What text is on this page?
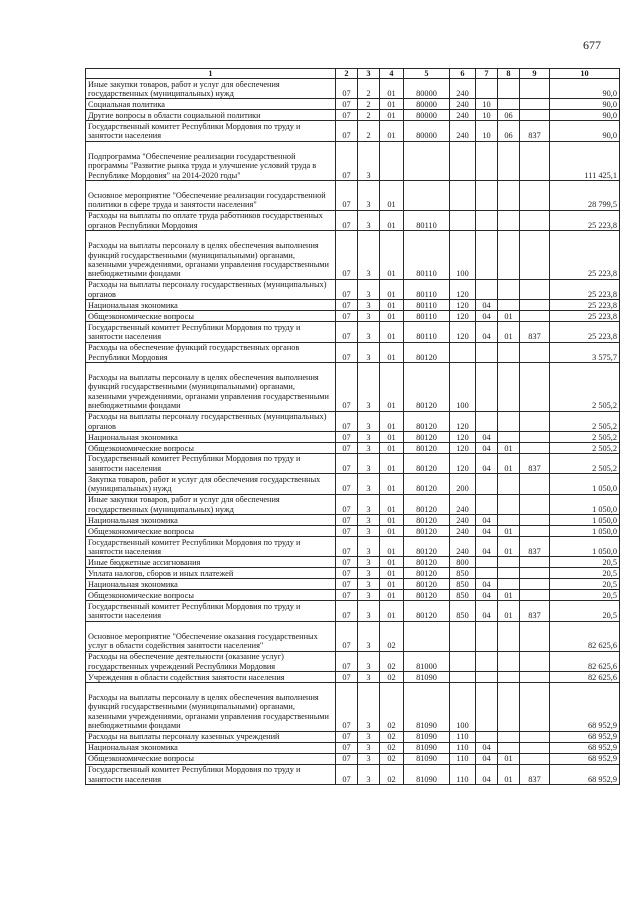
677
1	2	3	4	5	6	7	8	9	10
Иные закупки товаров, работ и услуг для обеспечения государственных (муниципальных) нужд	07	2	01	80000	240				90,0
Социальная политика	07	2	01	80000	240	10			90,0
Другие вопросы в области социальной политики	07	2	01	80000	240	10	06		90,0
Государственный комитет Республики Мордовия по труду и занятости населения	07	2	01	80000	240	10	06	837	90,0
Подпрограмма "Обеспечение реализации государственной программы "Развитие рынка труда и улучшение условий труда в Республике Мордовия" на 2014-2020 годы"	07	3							111 425,1
Основное мероприятие "Обеспечение реализации государственной политики в сфере труда и занятости населения"	07	3	01						28 799,5
Расходы на выплаты по оплате труда работников государственных органов Республики Мордовия	07	3	01	80110					25 223,8
Расходы на выплаты персоналу в целях обеспечения выполнения функций государственными (муниципальными) органами, казенными учреждениями, органами управления государственными внебюджетными фондами	07	3	01	80110	100				25 223,8
Расходы на выплаты персоналу государственных (муниципальных) органов	07	3	01	80110	120				25 223,8
Национальная экономика	07	3	01	80110	120	04			25 223,8
Общеэкономические вопросы	07	3	01	80110	120	04	01		25 223,8
Государственный комитет Республики Мордовия по труду и занятости населения	07	3	01	80110	120	04	01	837	25 223,8
Расходы на обеспечение функций государственных органов Республики Мордовия	07	3	01	80120					3 575,7
Расходы на выплаты персоналу в целях обеспечения выполнения функций государственными (муниципальными) органами, казенными учреждениями, органами управления государственными внебюджетными фондами	07	3	01	80120	100				2 505,2
Расходы на выплаты персоналу государственных (муниципальных) органов	07	3	01	80120	120				2 505,2
Национальная экономика	07	3	01	80120	120	04			2 505,2
Общеэкономические вопросы	07	3	01	80120	120	04	01		2 505,2
Государственный комитет Республики Мордовия по труду и занятости населения	07	3	01	80120	120	04	01	837	2 505,2
Закупка товаров, работ и услуг для обеспечения государственных (муниципальных) нужд	07	3	01	80120	200				1 050,0
Иные закупки товаров, работ и услуг для обеспечения государственных (муниципальных) нужд	07	3	01	80120	240				1 050,0
Национальная экономика	07	3	01	80120	240	04			1 050,0
Общеэкономические вопросы	07	3	01	80120	240	04	01		1 050,0
Государственный комитет Республики Мордовия по труду и занятости населения	07	3	01	80120	240	04	01	837	1 050,0
Иные бюджетные ассигнования	07	3	01	80120	800				20,5
Уплата налогов, сборов и иных платежей	07	3	01	80120	850				20,5
Национальная экономика	07	3	01	80120	850	04			20,5
Общеэкономические вопросы	07	3	01	80120	850	04	01		20,5
Государственный комитет Республики Мордовия по труду и занятости населения	07	3	01	80120	850	04	01	837	20,5
Основное мероприятие "Обеспечение оказания государственных услуг в области содействия занятости населения"	07	3	02						82 625,6
Расходы на обеспечение деятельности (оказание услуг) государственных учреждений Республики Мордовия	07	3	02	81000					82 625,6
Учреждения в области содействия занятости населения	07	3	02	81090					82 625,6
Расходы на выплаты персоналу в целях обеспечения выполнения функций государственными (муниципальными) органами, казенными учреждениями, органами управления государственными внебюджетными фондами	07	3	02	81090	100				68 952,9
Расходы на выплаты персоналу казенных учреждений	07	3	02	81090	110				68 952,9
Национальная экономика	07	3	02	81090	110	04			68 952,9
Общеэкономические вопросы	07	3	02	81090	110	04	01		68 952,9
Государственный комитет Республики Мордовия по труду и занятости населения	07	3	02	81090	110	04	01	837	68 952,9
